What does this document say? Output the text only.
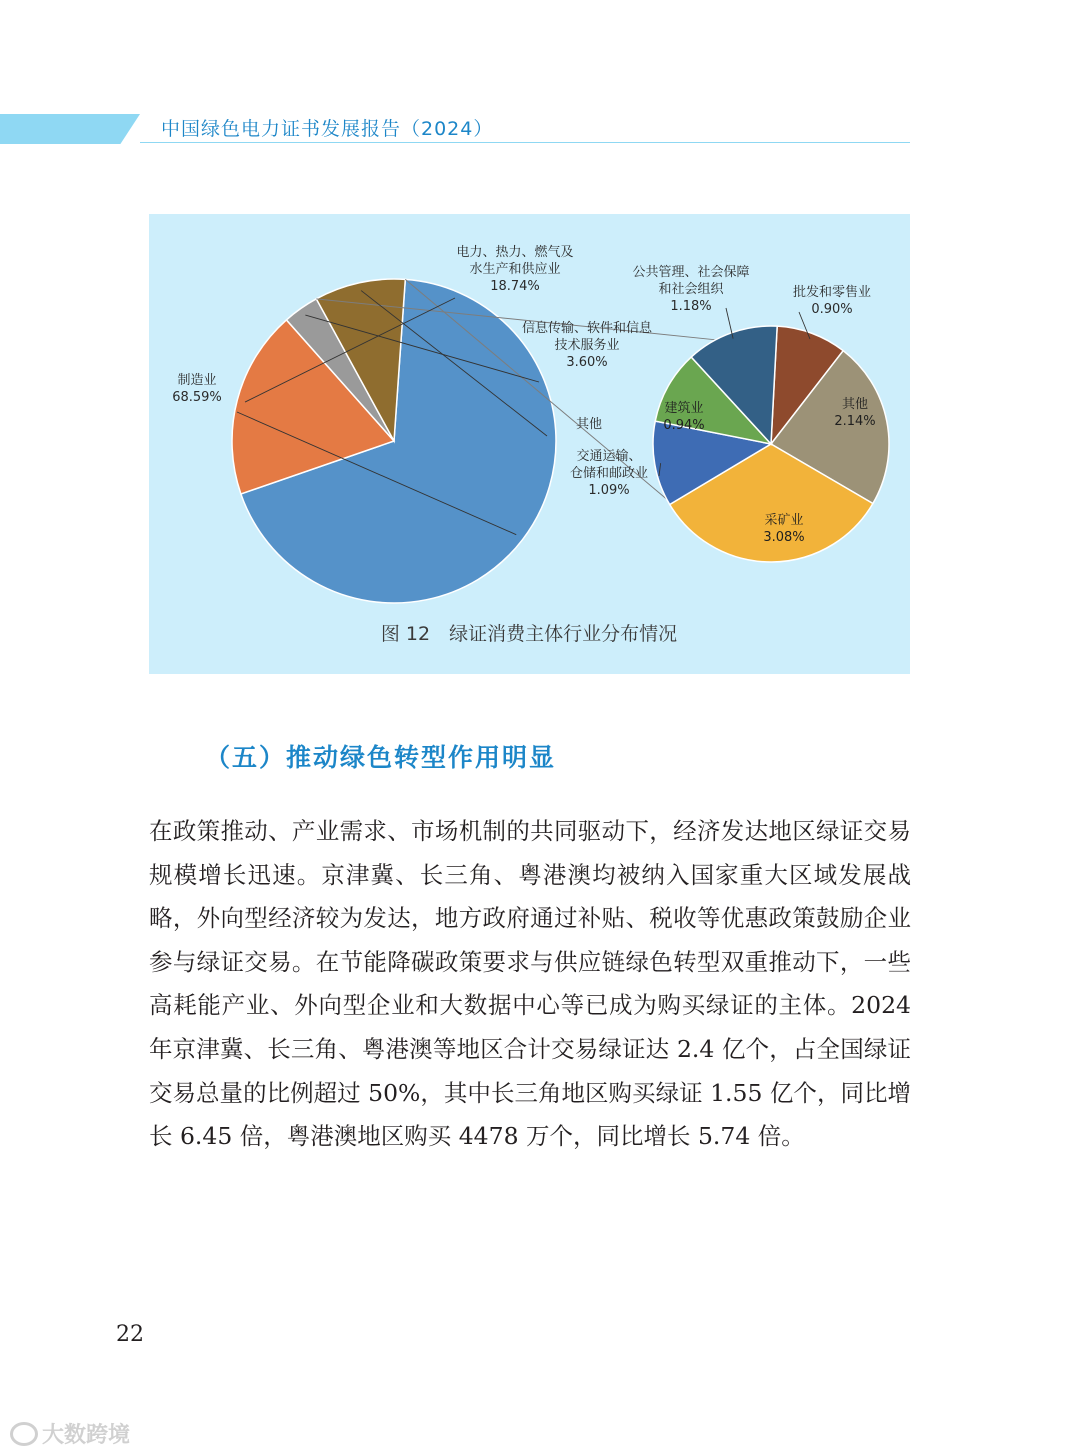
中国绿色电力证书发展报告（2024）
制造业 68.59%
电力、热力、燃气及水生产和供应业 18.74%
信息传输、软件和信息技术服务业 3.60%
其他
批发和零售业 0.90%
其他 2.14%
采矿业 3.08%
交通运输、仓储和邮政业 1.09%
建筑业 0.94%
公共管理、社会保障和社会组织 1.18%
图 12　绿证消费主体行业分布情况
（五）推动绿色转型作用明显

在政策推动、产业需求、市场机制的共同驱动下，经济发达地区绿证交易规模增长迅速。京津冀、长三角、粤港澳均被纳入国家重大区域发展战略，外向型经济较为发达，地方政府通过补贴、税收等优惠政策鼓励企业参与绿证交易。在节能降碳政策要求与供应链绿色转型双重推动下，一些高耗能产业、外向型企业和大数据中心等已成为购买绿证的主体。2024 年京津冀、长三角、粤港澳等地区合计交易绿证达 2.4 亿个，占全国绿证交易总量的比例超过 50%，其中长三角地区购买绿证 1.55 亿个，同比增长 6.45 倍，粤港澳地区购买 4478 万个，同比增长 5.74 倍。

22
大数跨境
